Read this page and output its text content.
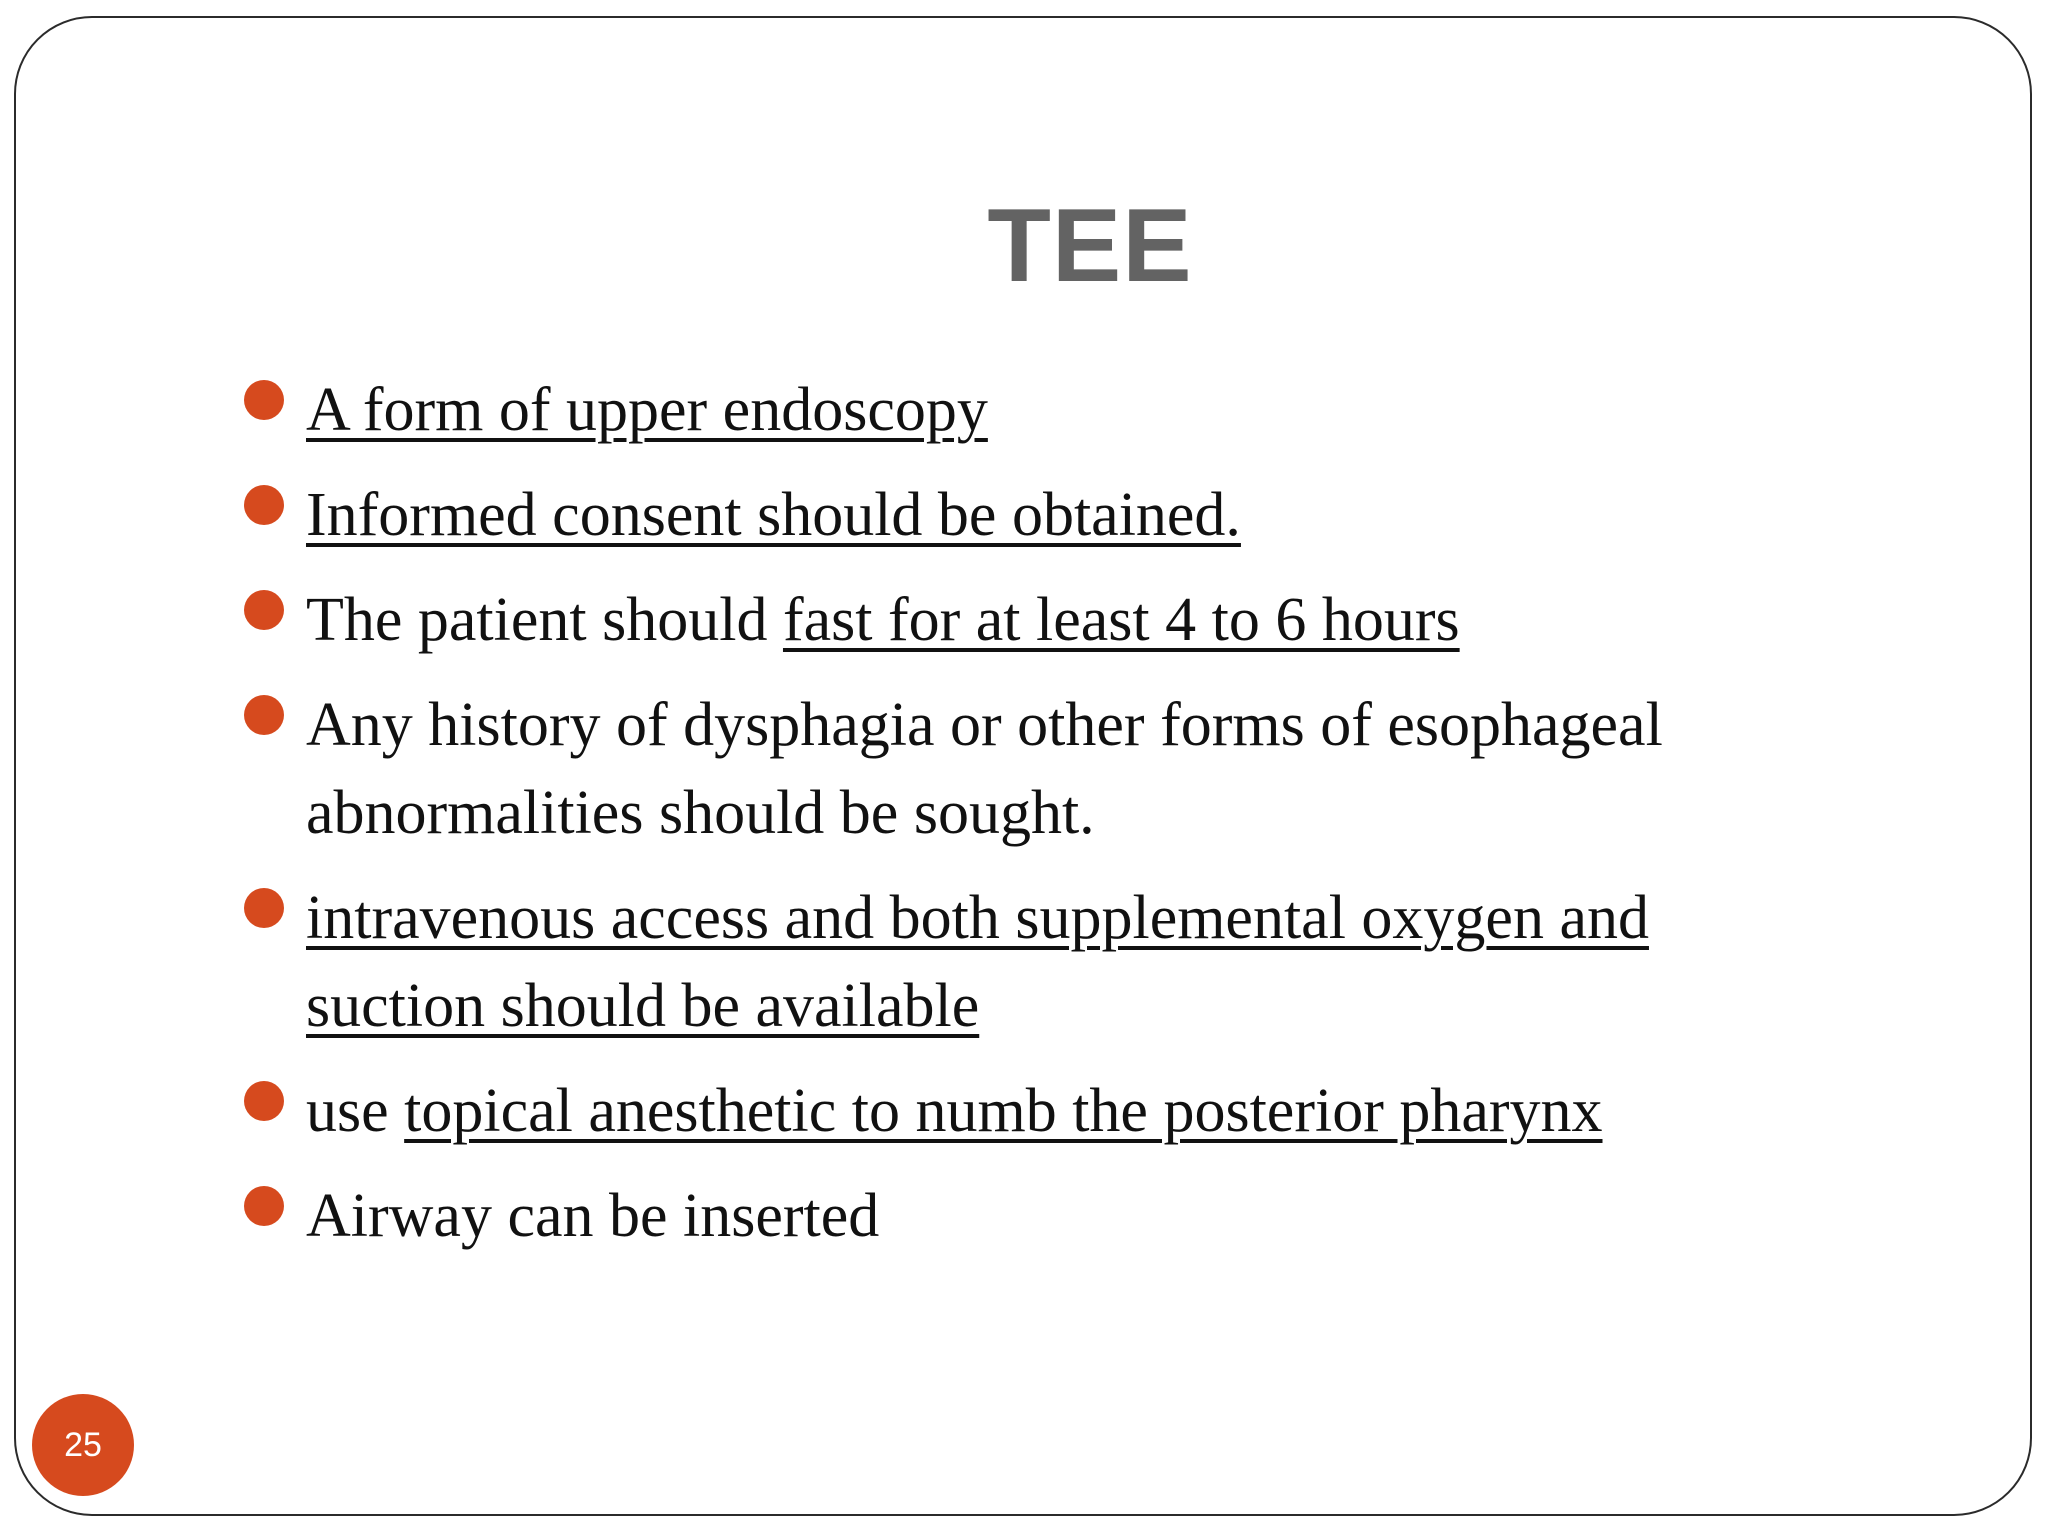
TEE
A form of upper endoscopy
Informed consent should be obtained.
The patient should fast for at least 4 to 6 hours
Any history of dysphagia or other forms of esophageal abnormalities should be sought.
intravenous access and both supplemental oxygen and suction should be available
use topical anesthetic to numb the posterior pharynx
Airway can be inserted
25
